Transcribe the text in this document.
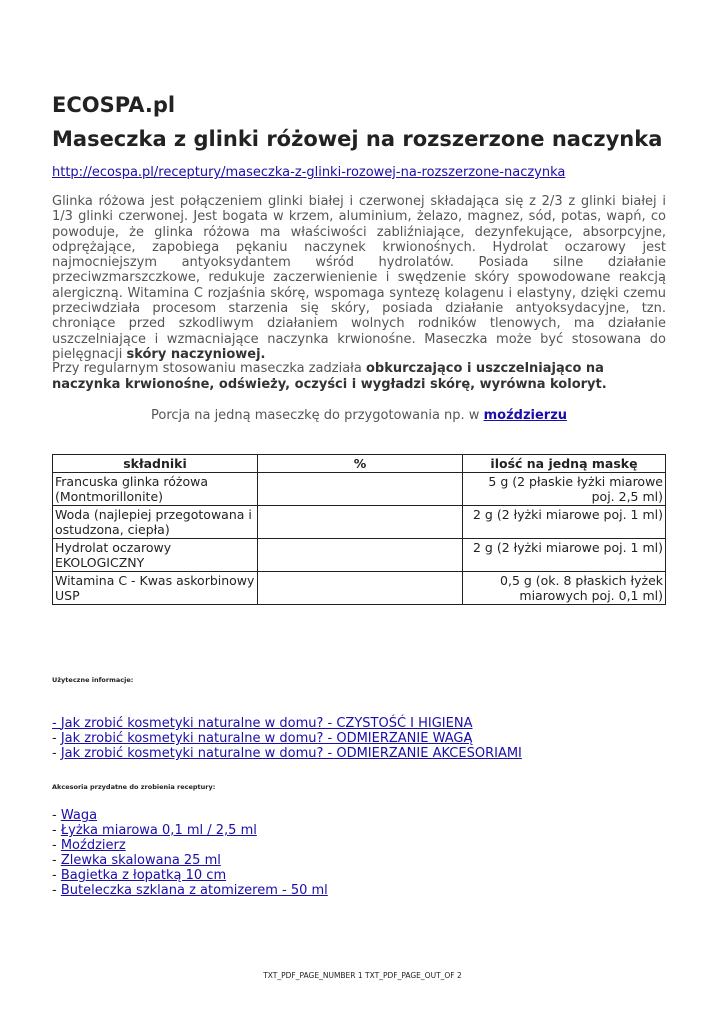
ECOSPA.pl
Maseczka z glinki różowej na rozszerzone naczynka
http://ecospa.pl/receptury/maseczka-z-glinki-rozowej-na-rozszerzone-naczynka

Glinka różowa jest połączeniem glinki białej i czerwonej składająca się z 2/3 z glinki białej i 1/3 glinki czerwonej. Jest bogata w krzem, aluminium, żelazo, magnez, sód, potas, wapń, co powoduje, że glinka różowa ma właściwości zabliźniające, dezynfekujące, absorpcyjne, odprężające, zapobiega pękaniu naczynek krwionośnych. Hydrolat oczarowy jest najmocniejszym antyoksydantem wśród hydrolatów. Posiada silne działanie przeciwzmarszczkowe, redukuje zaczerwienienie i swędzenie skóry spowodowane reakcją alergiczną. Witamina C rozjaśnia skórę, wspomaga syntezę kolagenu i elastyny, dzięki czemu przeciwdziała procesom starzenia się skóry, posiada działanie antyoksydacyjne, tzn. chroniące przed szkodliwym działaniem wolnych rodników tlenowych, ma działanie uszczelniające i wzmacniające naczynka krwionośne. Maseczka może być stosowana do pielęgnacji skóry naczyniowej.

Przy regularnym stosowaniu maseczka zadziała obkurczająco i uszczelniająco na naczynka krwionośne, odświeży, oczyści i wygładzi skórę, wyrówna koloryt.

Porcja na jedną maseczkę do przygotowania np. w moździerzu
składniki	%	ilość na jedną maskę
Francuska glinka różowa (Montmorillonite)		5 g (2 płaskie łyżki miarowe poj. 2,5 ml)
Woda (najlepiej przegotowana i ostudzona, ciepła)		2 g (2 łyżki miarowe poj. 1 ml)
Hydrolat oczarowy EKOLOGICZNY		2 g (2 łyżki miarowe poj. 1 ml)
Witamina C - Kwas askorbinowy USP		0,5 g (ok. 8 płaskich łyżek miarowych poj. 0,1 ml)
Użyteczne informacje:
- Jak zrobić kosmetyki naturalne w domu? - CZYSTOŚĆ I HIGIENA
- Jak zrobić kosmetyki naturalne w domu? - ODMIERZANIE WAGĄ
- Jak zrobić kosmetyki naturalne w domu? - ODMIERZANIE AKCESORIAMI
Akcesoria przydatne do zrobienia receptury:
- Waga
- Łyżka miarowa 0,1 ml / 2,5 ml
- Moździerz
- Zlewka skalowana 25 ml
- Bagietka z łopatką 10 cm
- Buteleczka szklana z atomizerem - 50 ml
TXT_PDF_PAGE_NUMBER 1 TXT_PDF_PAGE_OUT_OF 2
